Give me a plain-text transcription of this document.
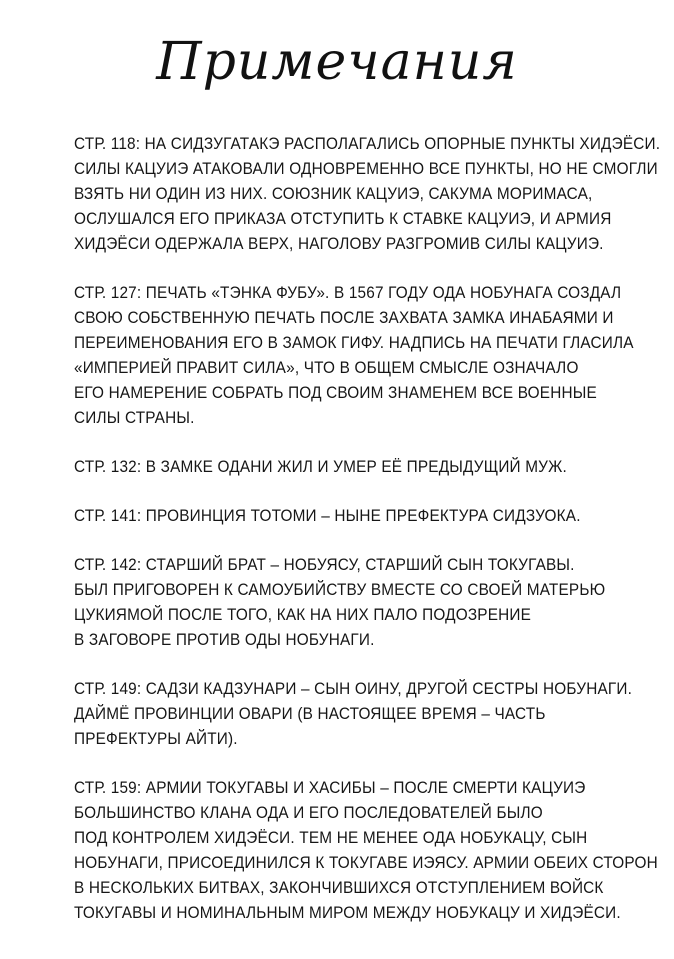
Примечания
СТР. 118: НА СИДЗУГАТАКЭ РАСПОЛАГАЛИСЬ ОПОРНЫЕ ПУНКТЫ ХИДЭЁСИ.
СИЛЫ КАЦУИЭ АТАКОВАЛИ ОДНОВРЕМЕННО ВСЕ ПУНКТЫ, НО НЕ СМОГЛИ
ВЗЯТЬ НИ ОДИН ИЗ НИХ. СОЮЗНИК КАЦУИЭ, САКУМА МОРИМАСА,
ОСЛУШАЛСЯ ЕГО ПРИКАЗА ОТСТУПИТЬ К СТАВКЕ КАЦУИЭ, И АРМИЯ
ХИДЭЁСИ ОДЕРЖАЛА ВЕРХ, НАГОЛОВУ РАЗГРОМИВ СИЛЫ КАЦУИЭ.
СТР. 127: ПЕЧАТЬ «ТЭНКА ФУБУ». В 1567 ГОДУ ОДА НОБУНАГА СОЗДАЛ
СВОЮ СОБСТВЕННУЮ ПЕЧАТЬ ПОСЛЕ ЗАХВАТА ЗАМКА ИНАБАЯМИ И
ПЕРЕИМЕНОВАНИЯ ЕГО В ЗАМОК ГИФУ. НАДПИСЬ НА ПЕЧАТИ ГЛАСИЛА
«ИМПЕРИЕЙ ПРАВИТ СИЛА», ЧТО В ОБЩЕМ СМЫСЛЕ ОЗНАЧАЛО
ЕГО НАМЕРЕНИЕ СОБРАТЬ ПОД СВОИМ ЗНАМЕНЕМ ВСЕ ВОЕННЫЕ
СИЛЫ СТРАНЫ.
СТР. 132: В ЗАМКЕ ОДАНИ ЖИЛ И УМЕР ЕЁ ПРЕДЫДУЩИЙ МУЖ.
СТР. 141: ПРОВИНЦИЯ ТОТОМИ – НЫНЕ ПРЕФЕКТУРА СИДЗУОКА.
СТР. 142: СТАРШИЙ БРАТ – НОБУЯСУ, СТАРШИЙ СЫН ТОКУГАВЫ.
БЫЛ ПРИГОВОРЕН К САМОУБИЙСТВУ ВМЕСТЕ СО СВОЕЙ МАТЕРЬЮ
ЦУКИЯМОЙ ПОСЛЕ ТОГО, КАК НА НИХ ПАЛО ПОДОЗРЕНИЕ
В ЗАГОВОРЕ ПРОТИВ ОДЫ НОБУНАГИ.
СТР. 149: САДЗИ КАДЗУНАРИ – СЫН ОИНУ, ДРУГОЙ СЕСТРЫ НОБУНАГИ.
ДАЙМЁ ПРОВИНЦИИ ОВАРИ (В НАСТОЯЩЕЕ ВРЕМЯ – ЧАСТЬ
ПРЕФЕКТУРЫ АЙТИ).
СТР. 159: АРМИИ ТОКУГАВЫ И ХАСИБЫ – ПОСЛЕ СМЕРТИ КАЦУИЭ
БОЛЬШИНСТВО КЛАНА ОДА И ЕГО ПОСЛЕДОВАТЕЛЕЙ БЫЛО
ПОД КОНТРОЛЕМ ХИДЭЁСИ. ТЕМ НЕ МЕНЕЕ ОДА НОБУКАЦУ, СЫН
НОБУНАГИ, ПРИСОЕДИНИЛСЯ К ТОКУГАВЕ ИЭЯСУ. АРМИИ ОБЕИХ СТОРОН
В НЕСКОЛЬКИХ БИТВАХ, ЗАКОНЧИВШИХСЯ ОТСТУПЛЕНИЕМ ВОЙСК
ТОКУГАВЫ И НОМИНАЛЬНЫМ МИРОМ МЕЖДУ НОБУКАЦУ И ХИДЭЁСИ.
